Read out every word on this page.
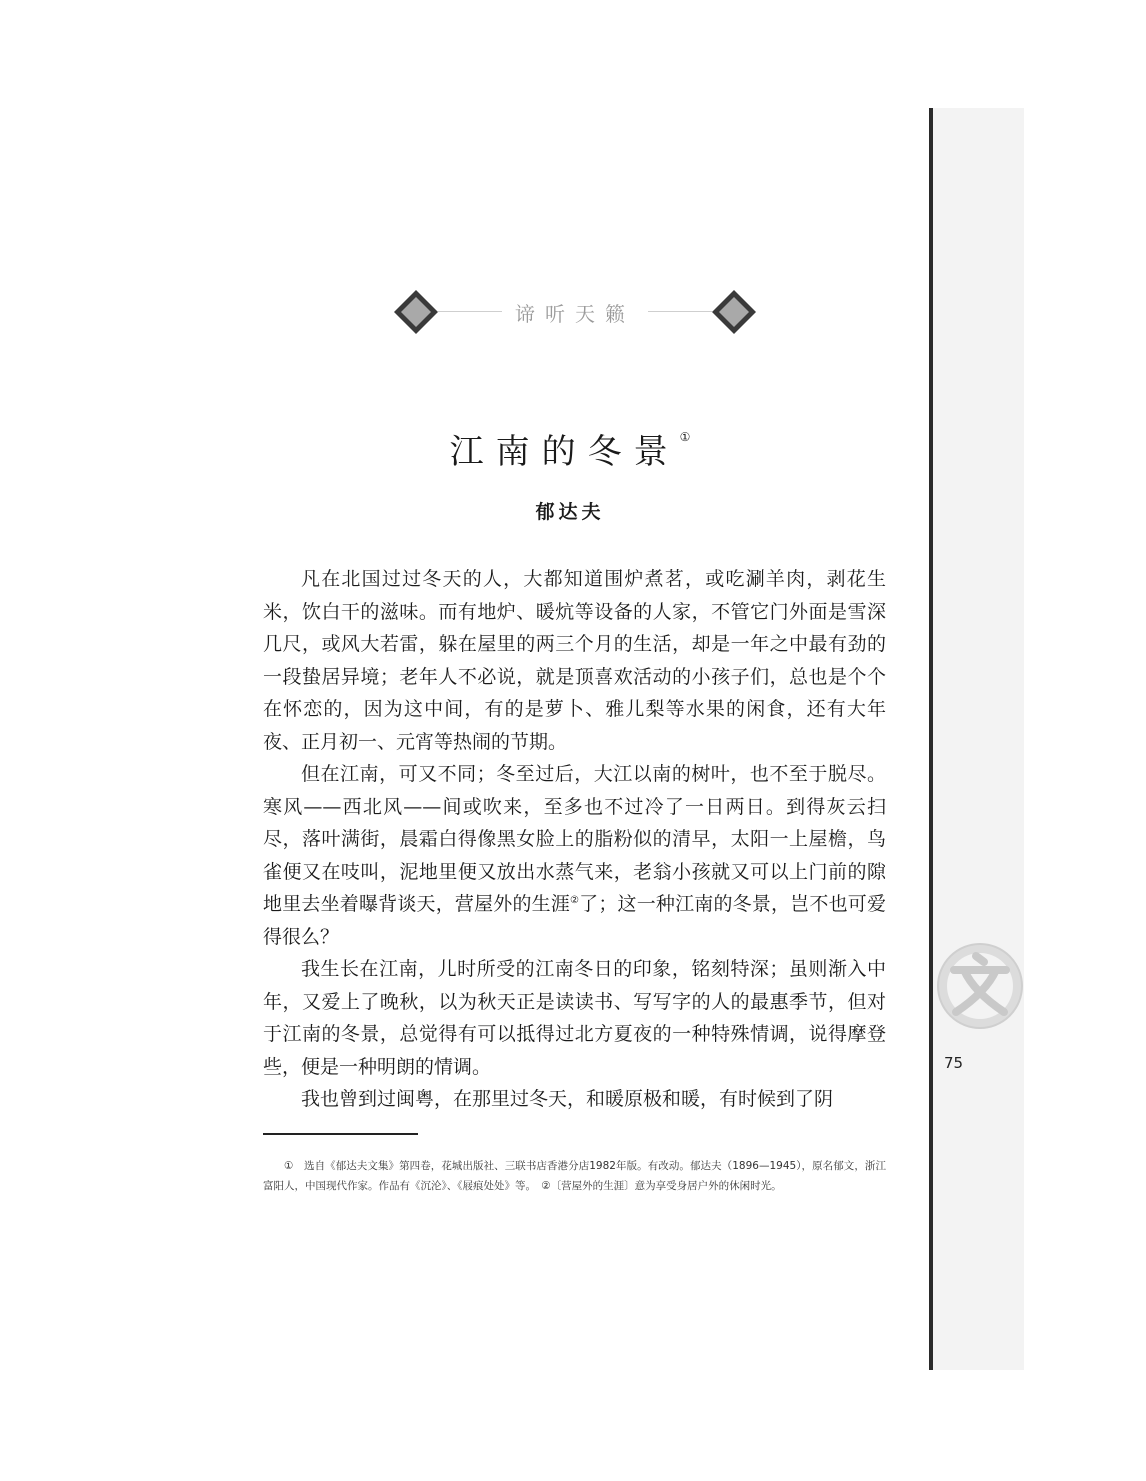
75
谛听天籁
江南的冬景①
郁达夫

凡在北国过过冬天的人，大都知道围炉煮茗，或吃涮羊肉，剥花生米，饮白干的滋味。而有地炉、暖炕等设备的人家，不管它门外面是雪深几尺，或风大若雷，躲在屋里的两三个月的生活，却是一年之中最有劲的一段蛰居异境；老年人不必说，就是顶喜欢活动的小孩子们，总也是个个在怀恋的，因为这中间，有的是萝卜、雅儿梨等水果的闲食，还有大年夜、正月初一、元宵等热闹的节期。

但在江南，可又不同；冬至过后，大江以南的树叶，也不至于脱尽。寒风——西北风——间或吹来，至多也不过冷了一日两日。到得灰云扫尽，落叶满街，晨霜白得像黑女脸上的脂粉似的清早，太阳一上屋檐，鸟雀便又在吱叫，泥地里便又放出水蒸气来，老翁小孩就又可以上门前的隙地里去坐着曝背谈天，营屋外的生涯②了；这一种江南的冬景，岂不也可爱得很么？

我生长在江南，儿时所受的江南冬日的印象，铭刻特深；虽则渐入中年，又爱上了晚秋，以为秋天正是读读书、写写字的人的最惠季节，但对于江南的冬景，总觉得有可以抵得过北方夏夜的一种特殊情调，说得摩登些，便是一种明朗的情调。

我也曾到过闽粤，在那里过冬天，和暖原极和暖，有时候到了阴

①　选自《郁达夫文集》第四卷，花城出版社、三联书店香港分店1982年版。有改动。郁达夫（1896—1945），原名郁文，浙江富阳人，中国现代作家。作品有《沉沦》、《屐痕处处》等。　②〔营屋外的生涯〕意为享受身居户外的休闲时光。
